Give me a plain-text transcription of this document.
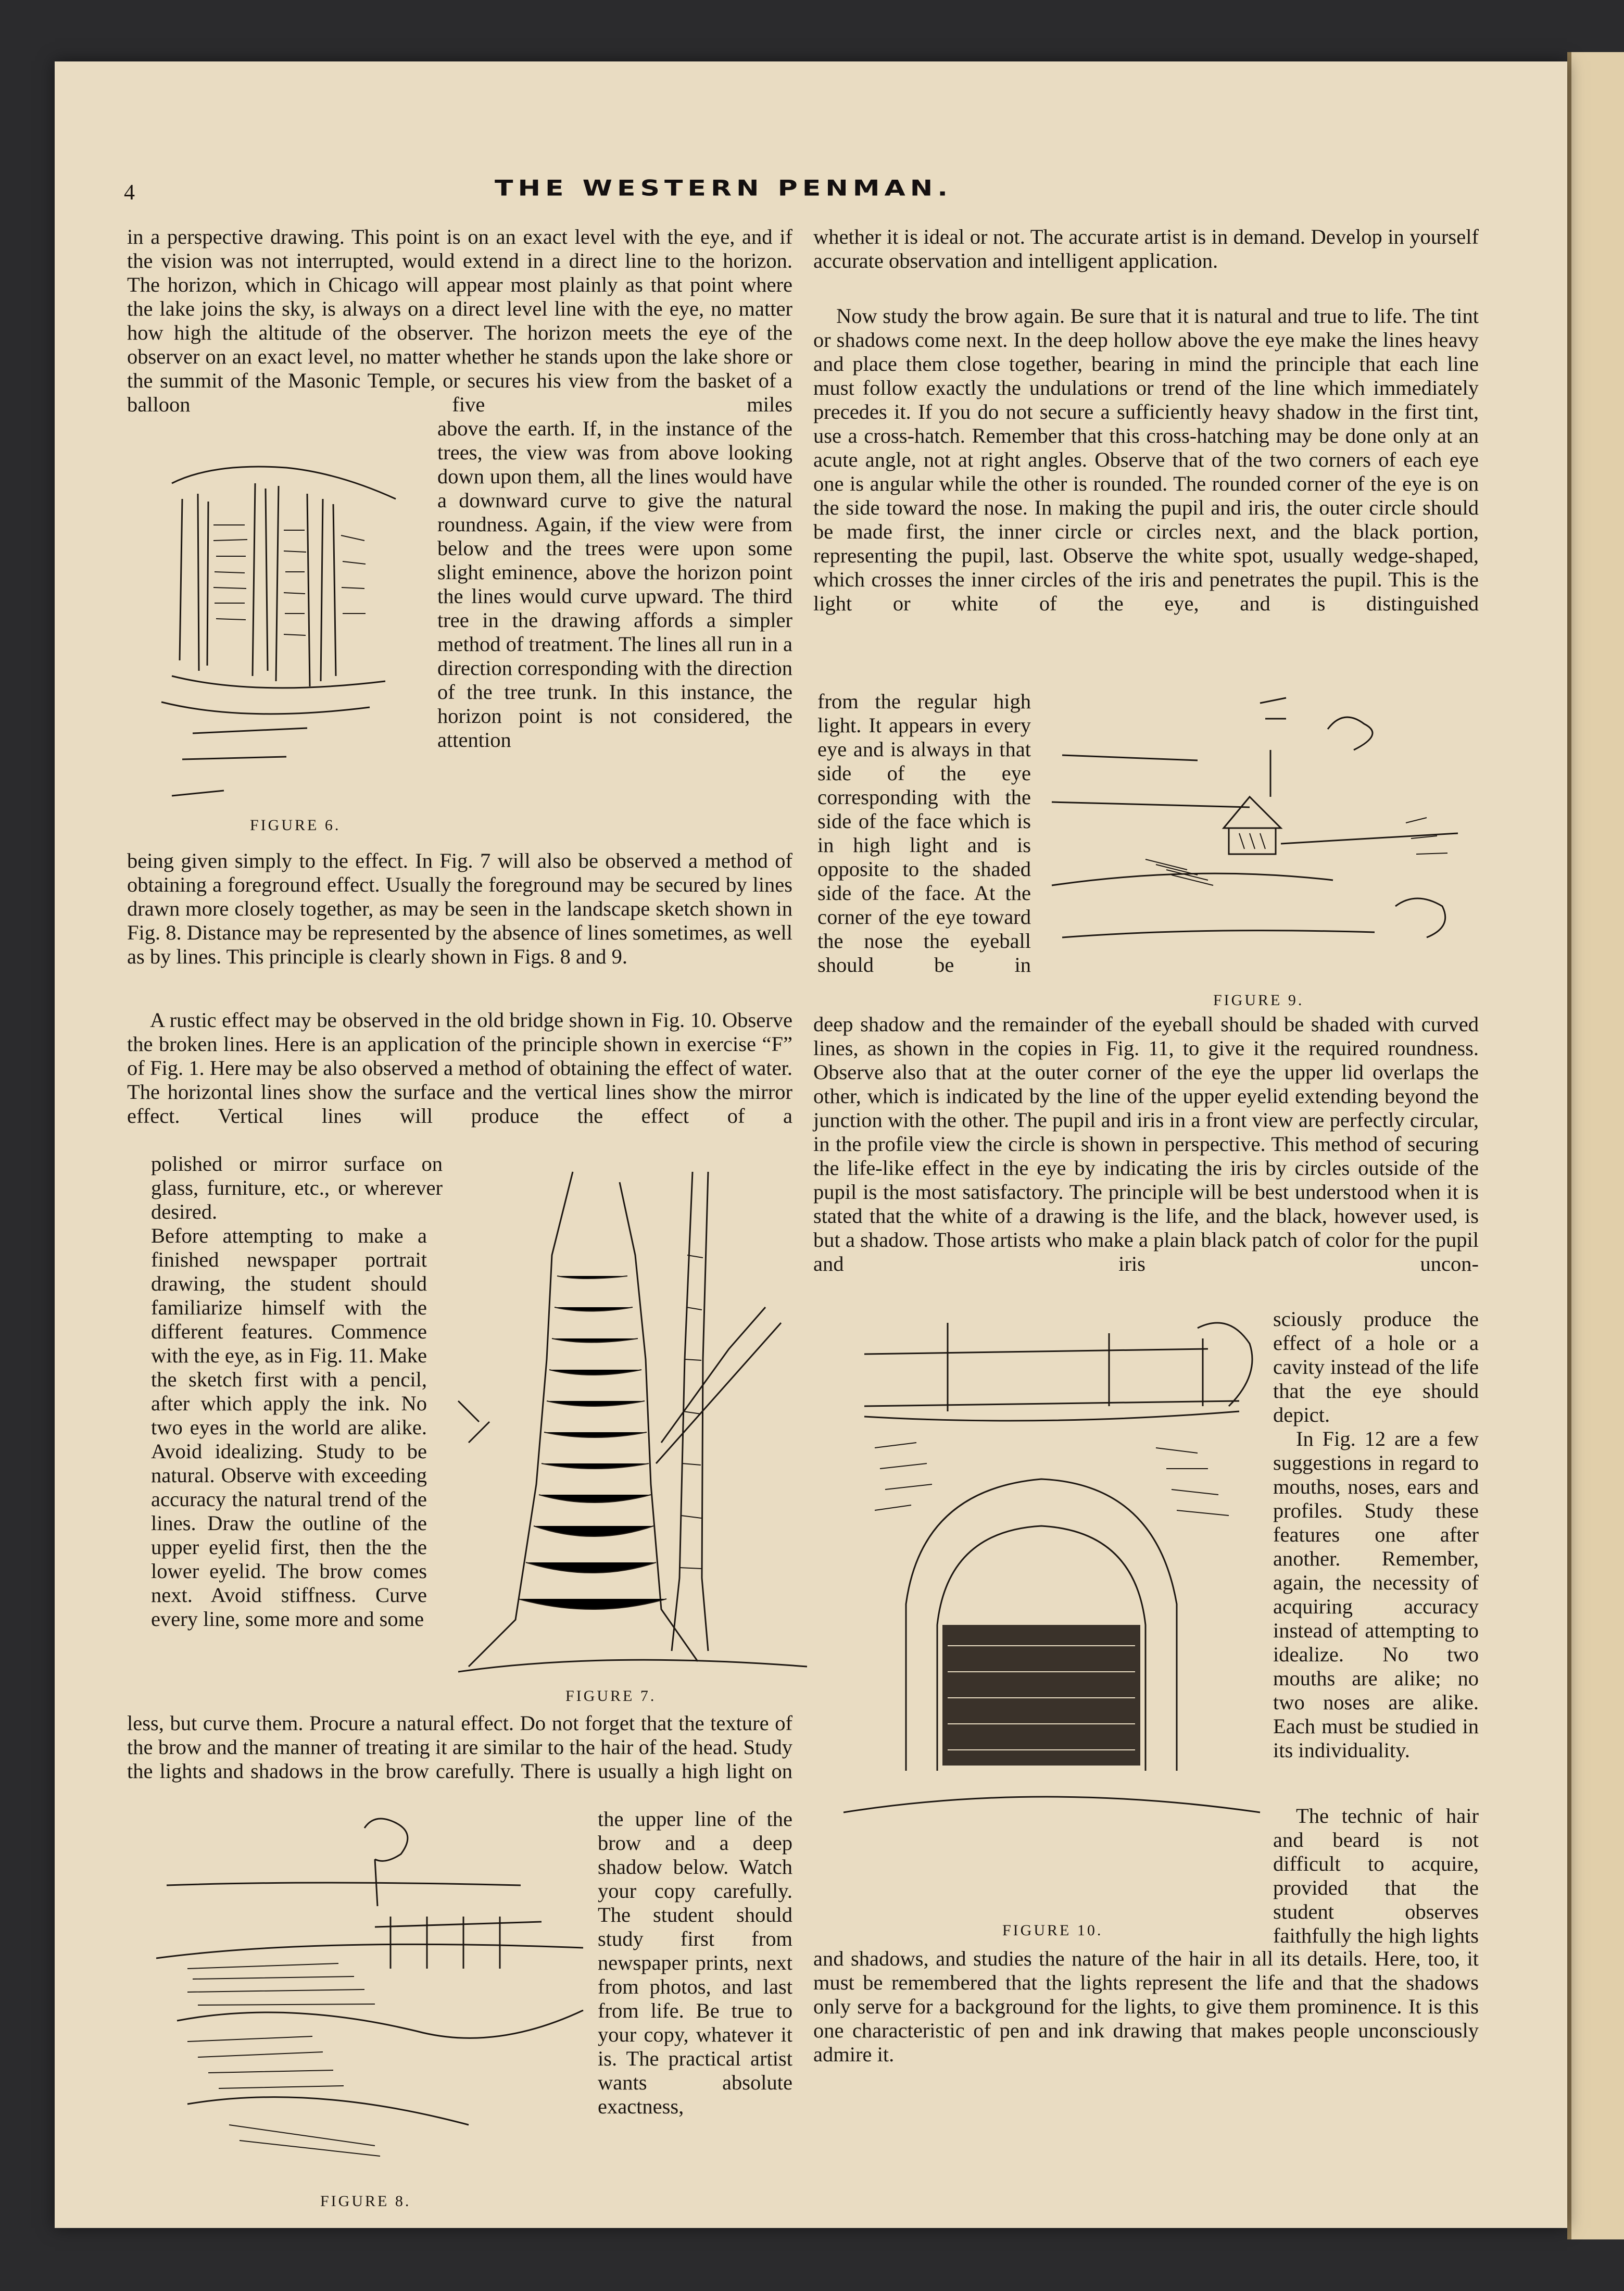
4	THE WESTERN PENMAN.
in a perspective drawing. This point is on an exact level with the eye, and if the vision was not interrupted, would extend in a direct line to the horizon. The horizon, which in Chicago will appear most plainly as that point where the lake joins the sky, is always on a direct level line with the eye, no matter how high the altitude of the observer. The horizon meets the eye of the observer on an exact level, no matter whether he stands upon the lake shore or the summit of the Masonic Temple, or secures his view from the basket of a balloon five miles
FIGURE 6.
above the earth. If, in the instance of the trees, the view was from above looking down upon them, all the lines would have a downward curve to give the natural roundness. Again, if the view were from below and the trees were upon some slight eminence, above the horizon point the lines would curve upward. The third tree in the drawing affords a simpler method of treatment. The lines all run in a direction corresponding with the direction of the tree trunk. In this instance, the horizon point is not considered, the attention
being given simply to the effect. In Fig. 7 will also be observed a method of obtaining a foreground effect. Usually the foreground may be secured by lines drawn more closely together, as may be seen in the landscape sketch shown in Fig. 8. Distance may be represented by the absence of lines sometimes, as well as by lines. This principle is clearly shown in Figs. 8 and 9.
A rustic effect may be observed in the old bridge shown in Fig. 10. Observe the broken lines. Here is an application of the principle shown in exercise “F” of Fig. 1. Here may be also observed a method of obtaining the effect of water. The horizontal lines show the surface and the vertical lines show the mirror effect. Vertical lines will produce the effect of a
polished or mirror surface on glass, furniture, etc., or wherever desired.
Before attempting to make a finished newspaper portrait drawing, the student should familiarize himself with the different features. Commence with the eye, as in Fig. 11. Make the sketch first with a pencil, after which apply the ink. No two eyes in the world are alike. Avoid idealizing. Study to be natural. Observe with exceeding accuracy the natural trend of the lines. Draw the outline of the upper eyelid first, then the the lower eyelid. The brow comes next. Avoid stiffness. Curve every line, some more and some
FIGURE 7.
less, but curve them. Procure a natural effect. Do not forget that the texture of the brow and the manner of treating it are similar to the hair of the head. Study the lights and shadows in the brow carefully. There is usually a high light on
FIGURE 8.
the upper line of the brow and a deep shadow below. Watch your copy carefully. The student should study first from newspaper prints, next from photos, and last from life. Be true to your copy, whatever it is. The practical artist wants absolute exactness,
whether it is ideal or not. The accurate artist is in demand. Develop in yourself accurate observation and intelligent application.
Now study the brow again. Be sure that it is natural and true to life. The tint or shadows come next. In the deep hollow above the eye make the lines heavy and place them close together, bearing in mind the principle that each line must follow exactly the undulations or trend of the line which immediately precedes it. If you do not secure a sufficiently heavy shadow in the first tint, use a cross-hatch. Remember that this cross-hatching may be done only at an acute angle, not at right angles. Observe that of the two corners of each eye one is angular while the other is rounded. The rounded corner of the eye is on the side toward the nose. In making the pupil and iris, the outer circle should be made first, the inner circle or circles next, and the black portion, representing the pupil, last. Observe the white spot, usually wedge-shaped, which crosses the inner circles of the iris and penetrates the pupil. This is the light or white of the eye, and is distinguished
from the regular high light. It appears in every eye and is always in that side of the eye corresponding with the side of the face which is in high light and is opposite to the shaded side of the face. At the corner of the eye toward the nose the eyeball should be in
FIGURE 9.
deep shadow and the remainder of the eyeball should be shaded with curved lines, as shown in the copies in Fig. 11, to give it the required roundness. Observe also that at the outer corner of the eye the upper lid overlaps the other, which is indicated by the line of the upper eyelid extending beyond the junction with the other. The pupil and iris in a front view are perfectly circular, in the profile view the circle is shown in perspective. This method of securing the life-like effect in the eye by indicating the iris by circles outside of the pupil is the most satisfactory. The principle will be best understood when it is stated that the white of a drawing is the life, and the black, however used, is but a shadow. Those artists who make a plain black patch of color for the pupil and iris uncon-
sciously produce the effect of a hole or a cavity instead of the life that the eye should depict.
In Fig. 12 are a few suggestions in regard to mouths, noses, ears and profiles. Study these features one after another. Remember, again, the necessity of acquiring accuracy instead of attempting to idealize. No two mouths are alike; no two noses are alike. Each must be studied in its individuality.
The technic of hair and beard is not difficult to acquire, provided that the student observes faithfully the high lights
FIGURE 10.
and shadows, and studies the nature of the hair in all its details. Here, too, it must be remembered that the lights represent the life and that the shadows only serve for a background for the lights, to give them prominence. It is this one characteristic of pen and ink drawing that makes people unconsciously admire it.
